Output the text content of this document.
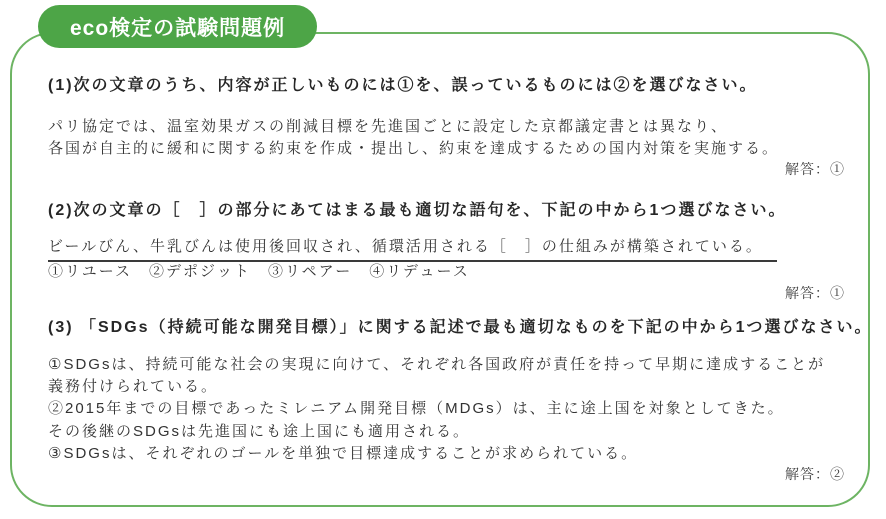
eco検定の試験問題例
(1)次の文章のうち、内容が正しいものには①を、誤っているものには②を選びなさい。
パリ協定では、温室効果ガスの削減目標を先進国ごとに設定した京都議定書とは異なり、
各国が自主的に緩和に関する約束を作成・提出し、約束を達成するための国内対策を実施する。
解答：①
(2)次の文章の［　］の部分にあてはまる最も適切な語句を、下記の中から1つ選びなさい。
ビールびん、牛乳びんは使用後回収され、循環活用される［　］の仕組みが構築されている。
①リユース　②デポジット　③リペアー　④リデュース
解答：①
(3) 「SDGs（持続可能な開発目標）」に関する記述で最も適切なものを下記の中から1つ選びなさい。
①SDGsは、持続可能な社会の実現に向けて、それぞれ各国政府が責任を持って早期に達成することが
義務付けられている。
②2015年までの目標であったミレニアム開発目標（MDGs）は、主に途上国を対象としてきた。
その後継のSDGsは先進国にも途上国にも適用される。
③SDGsは、それぞれのゴールを単独で目標達成することが求められている。
解答：②
